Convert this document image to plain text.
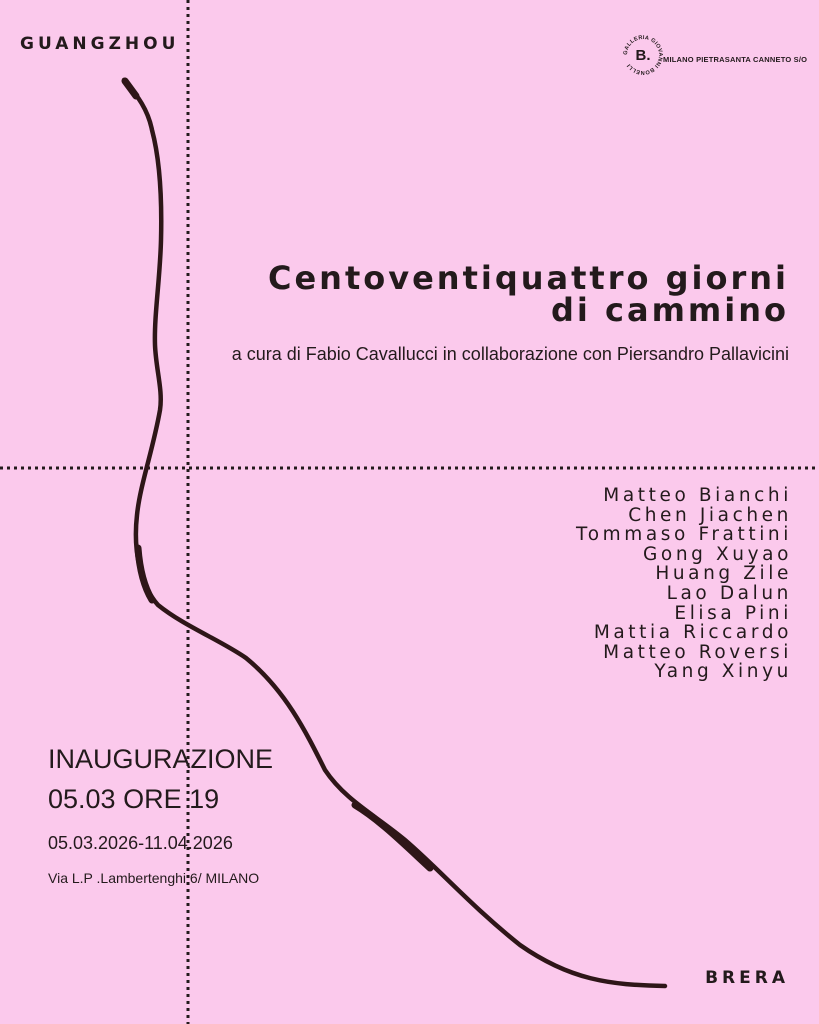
GUANGZHOU
BRERA
GALLERIA GIOVANNI BONELLI
B. MILANO PIETRASANTA CANNETO S/O
Centoventiquattro giorni
di cammino
a cura di Fabio Cavallucci in collaborazione con Piersandro Pallavicini
Matteo Bianchi
Chen Jiachen
Tommaso Frattini
Gong Xuyao
Huang Zile
Lao Dalun
Elisa Pini
Mattia Riccardo
Matteo Roversi
Yang Xinyu
INAUGURAZIONE
05.03 ORE 19
05.03.2026-11.04.2026
Via L.P .Lambertenghi 6/ MILANO
